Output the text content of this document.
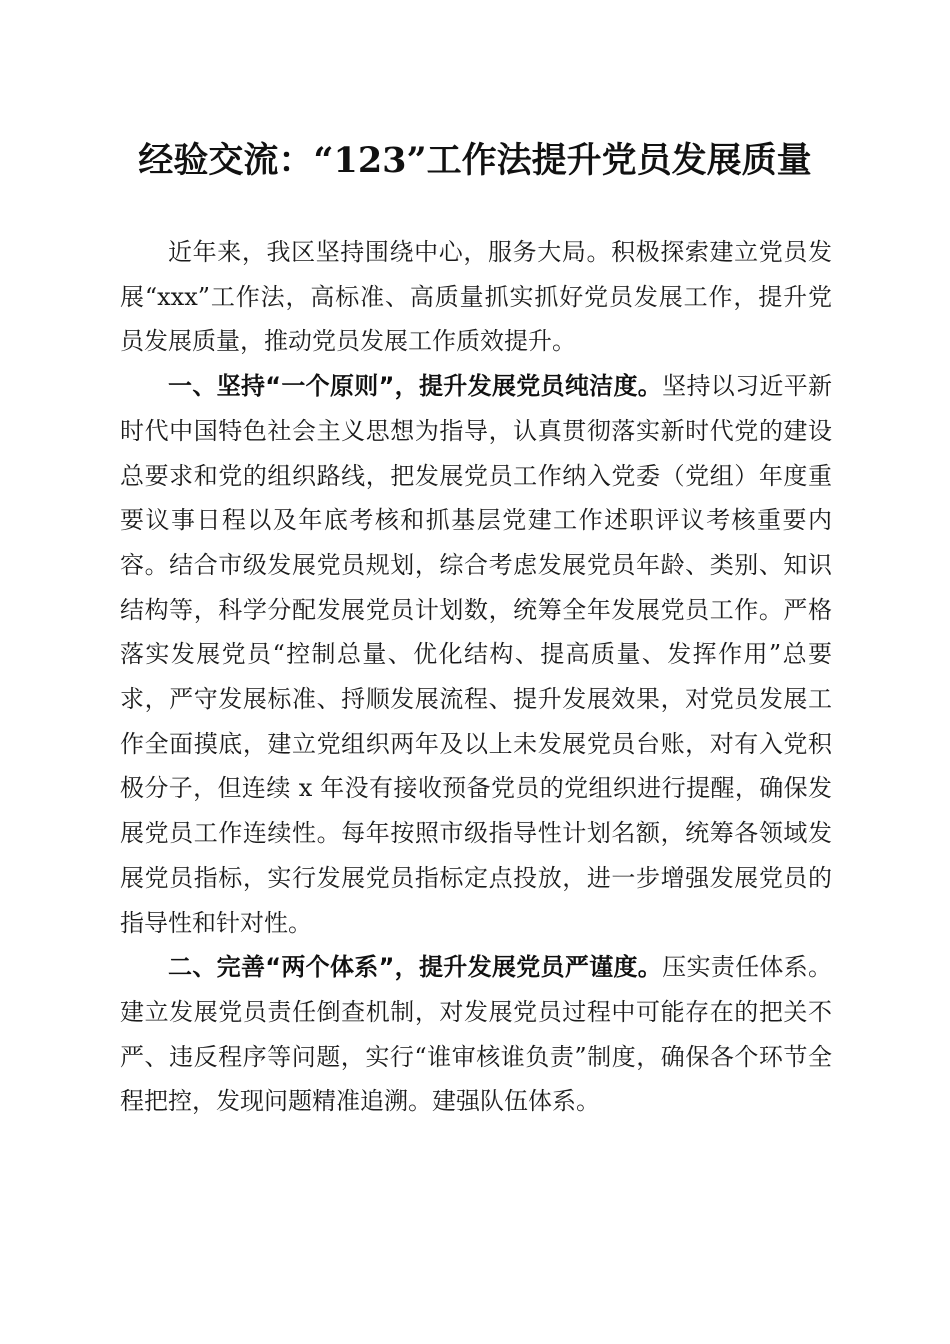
经验交流：“123”工作法提升党员发展质量

近年来，我区坚持围绕中心，服务大局。积极探索建立党员发展“xxx”工作法，高标准、高质量抓实抓好党员发展工作，提升党员发展质量，推动党员发展工作质效提升。

一、坚持“一个原则”，提升发展党员纯洁度。坚持以习近平新时代中国特色社会主义思想为指导，认真贯彻落实新时代党的建设总要求和党的组织路线，把发展党员工作纳入党委（党组）年度重要议事日程以及年底考核和抓基层党建工作述职评议考核重要内容。结合市级发展党员规划，综合考虑发展党员年龄、类别、知识结构等，科学分配发展党员计划数，统筹全年发展党员工作。严格落实发展党员“控制总量、优化结构、提高质量、发挥作用”总要求，严守发展标准、捋顺发展流程、提升发展效果，对党员发展工作全面摸底，建立党组织两年及以上未发展党员台账，对有入党积极分子，但连续 x 年没有接收预备党员的党组织进行提醒，确保发展党员工作连续性。每年按照市级指导性计划名额，统筹各领域发展党员指标，实行发展党员指标定点投放，进一步增强发展党员的指导性和针对性。

二、完善“两个体系”，提升发展党员严谨度。压实责任体系。建立发展党员责任倒查机制，对发展党员过程中可能存在的把关不严、违反程序等问题，实行“谁审核谁负责”制度，确保各个环节全程把控，发现问题精准追溯。建强队伍体系。
